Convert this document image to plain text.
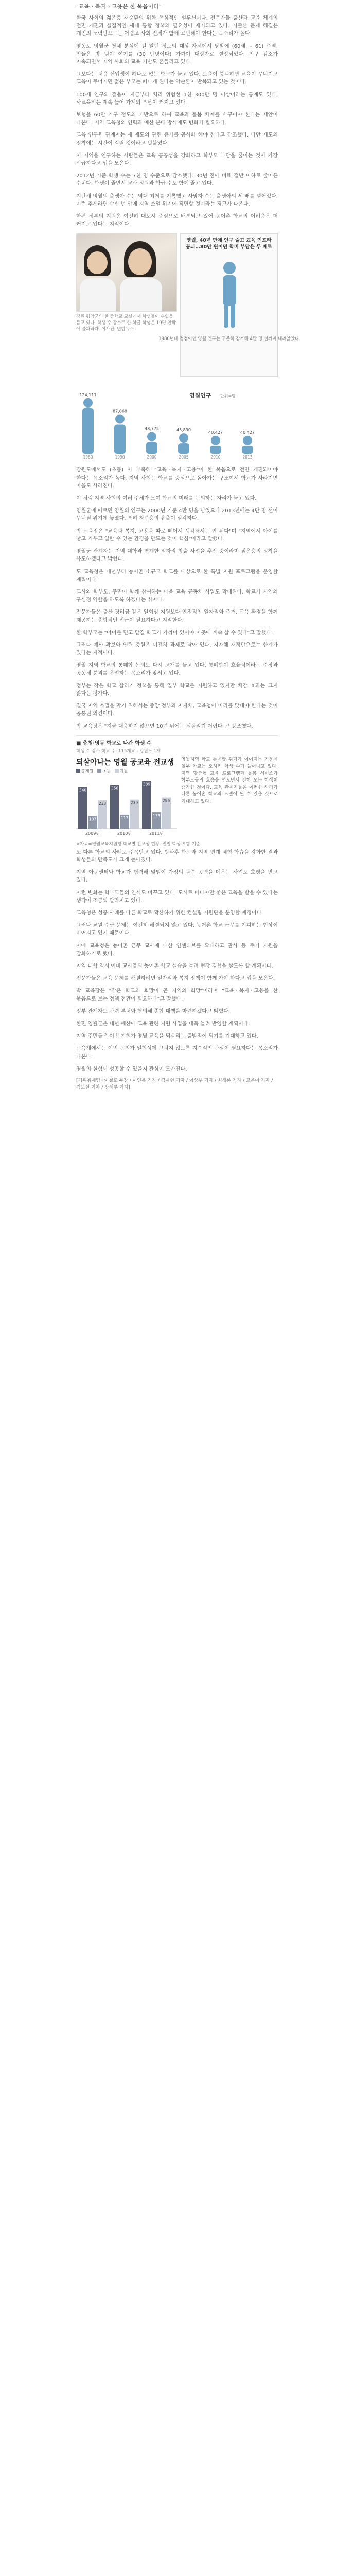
"교육ㆍ복지ㆍ고용은 한 묶음이다"

한국 사회의 젊은층 재순환의 위한 핵심적인 설루션이다. 전문가들 출산과 교육 체계의 전면 개편과 실질적인 세대 통합 정책의 필요성이 제기되고 있다. 저출산 문제 해결은 개인의 노력만으로는 어렵고 사회 전체가 함께 고민해야 한다는 목소리가 높다.

영동도 영월군 천체 분석에 걸 알던 정도의 대상 자체에서 당발에 (60세 ~ 61) 주역, 인들은 방 범이 여기를 (30 만명이다) 가까이 대상자로 결정되었다. 인구 감소가 지속되면서 지역 사회의 교육 기반도 흔들리고 있다.

그보다는 처음 신입생이 하나도 없는 학교가 늘고 있다. 보육이 붕괴하면 교육이 무너지고 교육이 무너지면 젊은 부모는 떠나게 된다는 악순환이 반복되고 있는 것이다.

100세 인구의 젊음이 지금부터 처리 위험선 1천 300만 명 이상이라는 통계도 있다. 사교육비는 계속 늘어 가계의 부담이 커지고 있다.

보험을 60만 가구 정도의 기반으로 하여 교육과 돌봄 체계를 바꾸어야 한다는 제안이 나온다. 지역 교육청의 인력과 예산 분배 방식에도 변화가 필요하다.

교육 연구원 관계자는 새 제도의 관련 증가를 공식화 해야 한다고 강조했다. 다만 제도의 정착에는 시간이 걸릴 것이라고 덧붙였다.

이 지역을 연구하는 사람들은 교육 공공성을 강화하고 학부모 부담을 줄이는 것이 가장 시급하다고 입을 모은다.

2012년 기준 학생 수는 7천 명 수준으로 감소했다. 30년 전에 비해 절반 이하로 줄어든 수치다. 학생이 줄면서 교사 정원과 학급 수도 함께 줄고 있다.

지난해 영월의 출생아 수는 역대 최저를 기록했고 사망자 수는 출생아의 세 배를 넘어섰다. 이런 추세라면 수십 년 안에 지역 소멸 위기에 직면할 것이라는 경고가 나온다.

한편 정부의 지원은 여전히 대도시 중심으로 배분되고 있어 농어촌 학교의 어려움은 더 커지고 있다는 지적이다.

강원 평창군의 한 중학교 교실에서 학생들이 수업을 듣고 있다. 학생 수 감소로 한 학급 학생은 10명 안팎에 불과하다. 이사진: 연합뉴스
영월, 40년 만에 인구 줄고 교육 인프라 붕괴…80만 원이던 학비 부담은 두 배로
1980년대 정점이던 영월 인구는 꾸준히 감소해 4만 명 선까지 내려앉았다.
124,111
1980
87,868
1990
48,775
2000
45,890
2005
40,427
2010
40,427
2013
영월인구 단위=명

강원도에서도 (초등) 이 부족해 "교육ㆍ복지ㆍ고용"이 한 묶음으로 전면 개편되어야 한다는 목소리가 높다. 지역 사회는 학교를 중심으로 돌아가는 구조여서 학교가 사라지면 마을도 사라진다.

이 처럼 지역 사회의 여러 주체가 모여 학교의 미래를 논의하는 자리가 늘고 있다.

영월군에 따르면 영월의 인구는 2000년 기준 4만 명을 넘었으나 2013년에는 4만 명 선이 무너질 위기에 놓였다. 특히 청년층의 유출이 심각하다.

박 교육장은 "교육과 복지, 고용을 따로 떼어서 생각해서는 안 된다"며 "지역에서 아이를 낳고 키우고 일할 수 있는 환경을 만드는 것이 핵심"이라고 말했다.

영월군 관계자는 지역 대학과 연계한 일자리 창출 사업을 추진 중이라며 젊은층의 정착을 유도하겠다고 밝혔다.

도 교육청은 내년부터 농어촌 소규모 학교를 대상으로 한 특별 지원 프로그램을 운영할 계획이다.

교사와 학부모, 주민이 함께 참여하는 마을 교육 공동체 사업도 확대된다. 학교가 지역의 구심점 역할을 하도록 하겠다는 취지다.

전문가들은 출산 장려금 같은 일회성 지원보다 안정적인 일자리와 주거, 교육 환경을 함께 제공하는 종합적인 접근이 필요하다고 지적한다.

한 학부모는 "아이를 믿고 맡길 학교가 가까이 있어야 이곳에 계속 살 수 있다"고 말했다.

그러나 예산 확보와 인력 충원은 여전히 과제로 남아 있다. 지자체 재정만으로는 한계가 있다는 지적이다.

영월 지역 학교의 통폐합 논의도 다시 고개를 들고 있다. 통폐합이 효율적이라는 주장과 공동체 붕괴를 우려하는 목소리가 맞서고 있다.

정부는 작은 학교 살리기 정책을 통해 일부 학교를 지원하고 있지만 체감 효과는 크지 않다는 평가다.

결국 지역 소멸을 막기 위해서는 중앙 정부와 지자체, 교육청이 머리를 맞대야 한다는 것이 공통된 의견이다.

박 교육장은 "지금 대응하지 않으면 10년 뒤에는 되돌리기 어렵다"고 강조했다.

■ 충청∙영동 학교로 나간 학생 수
학생 수 감소 학교 수: 115개교 - 강원도 1개
되살아나는 영월 공교육 전교생
총재원	초등	지원
340
107
233
2009년
356
117
239
2010년
389
133
256
2011년
영월지역 학교 통폐합 위기가 이어지는 가운데 일부 학교는 오히려 학생 수가 늘어나고 있다. 지역 맞춤형 교육 프로그램과 돌봄 서비스가 학부모들의 호응을 얻으면서 전학 오는 학생이 증가한 것이다. 교육 관계자들은 이러한 사례가 다른 농어촌 학교의 모델이 될 수 있을 것으로 기대하고 있다.
※자료=영월교육지원청 학교별 전교생 현황. 전입 학생 포함 기준

또 다른 학교의 사례도 주목받고 있다. 방과후 학교와 지역 연계 체험 학습을 강화한 결과 학생들의 만족도가 크게 높아졌다.

지역 아동센터와 학교가 협력해 맞벌이 가정의 돌봄 공백을 메우는 사업도 호평을 받고 있다.

이런 변화는 학부모들의 인식도 바꾸고 있다. 도시로 떠나야만 좋은 교육을 받을 수 있다는 생각이 조금씩 달라지고 있다.

교육청은 성공 사례를 다른 학교로 확산하기 위한 컨설팅 지원단을 운영할 예정이다.

그러나 교원 수급 문제는 여전히 해결되지 않고 있다. 농어촌 학교 근무를 기피하는 현상이 이어지고 있기 때문이다.

이에 교육청은 농어촌 근무 교사에 대한 인센티브를 확대하고 관사 등 주거 지원을 강화하기로 했다.

지역 대학 역시 예비 교사들의 농어촌 학교 실습을 늘려 현장 경험을 쌓도록 할 계획이다.

전문가들은 교육 문제를 해결하려면 일자리와 복지 정책이 함께 가야 한다고 입을 모은다.

박 교육장은 "작은 학교의 희망이 곧 지역의 희망"이라며 "교육ㆍ복지ㆍ고용을 한 묶음으로 보는 정책 전환이 필요하다"고 말했다.

정부 관계자도 관련 부처와 협의해 종합 대책을 마련하겠다고 밝혔다.

한편 영월군은 내년 예산에 교육 관련 지원 사업을 대폭 늘려 반영할 계획이다.

지역 주민들은 이번 기회가 영월 교육을 되살리는 출발점이 되기를 기대하고 있다.

교육계에서는 이번 논의가 일회성에 그치지 않도록 지속적인 관심이 필요하다는 목소리가 나온다.

영월의 실험이 성공할 수 있을지 관심이 모아진다.

[기획취재팀=이철호 부장 / 이인용 기자 / 김재현 기자 / 이상우 기자 / 최새론 기자 / 고은미 기자 / 김보현 기자 / 장혜주 기자]
